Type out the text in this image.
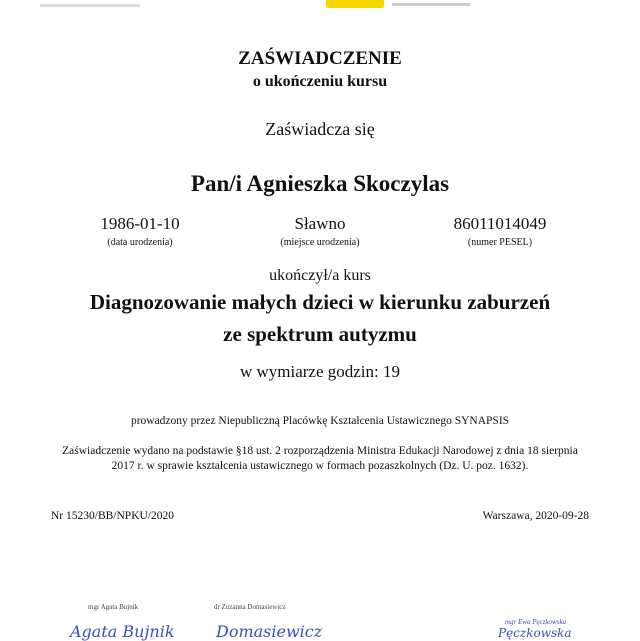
ZAŚWIADCZENIE
o ukończeniu kursu
Zaświadcza się
Pan/i Agnieszka Skoczylas
1986-01-10
(data urodzenia)
Sławno
(miejsce urodzenia)
86011014049
(numer PESEL)
ukończył/a kurs
Diagnozowanie małych dzieci w kierunku zaburzeń
ze spektrum autyzmu
w wymiarze godzin: 19
prowadzony przez Niepubliczną Placówkę Kształcenia Ustawicznego SYNAPSIS
Zaświadczenie wydano na podstawie §18 ust. 2 rozporządzenia Ministra Edukacji Narodowej z dnia 18 sierpnia
2017 r. w sprawie kształcenia ustawicznego w formach pozaszkolnych (Dz. U. poz. 1632).
Nr 15230/BB/NPKU/2020	Warszawa, 2020-09-28
mgr Agata Bujnik
Agata Bujnik
dr Zuzanna Domasiewicz
Domasiewicz	mgr Ewa Pęczkowska
Pęczkowska
